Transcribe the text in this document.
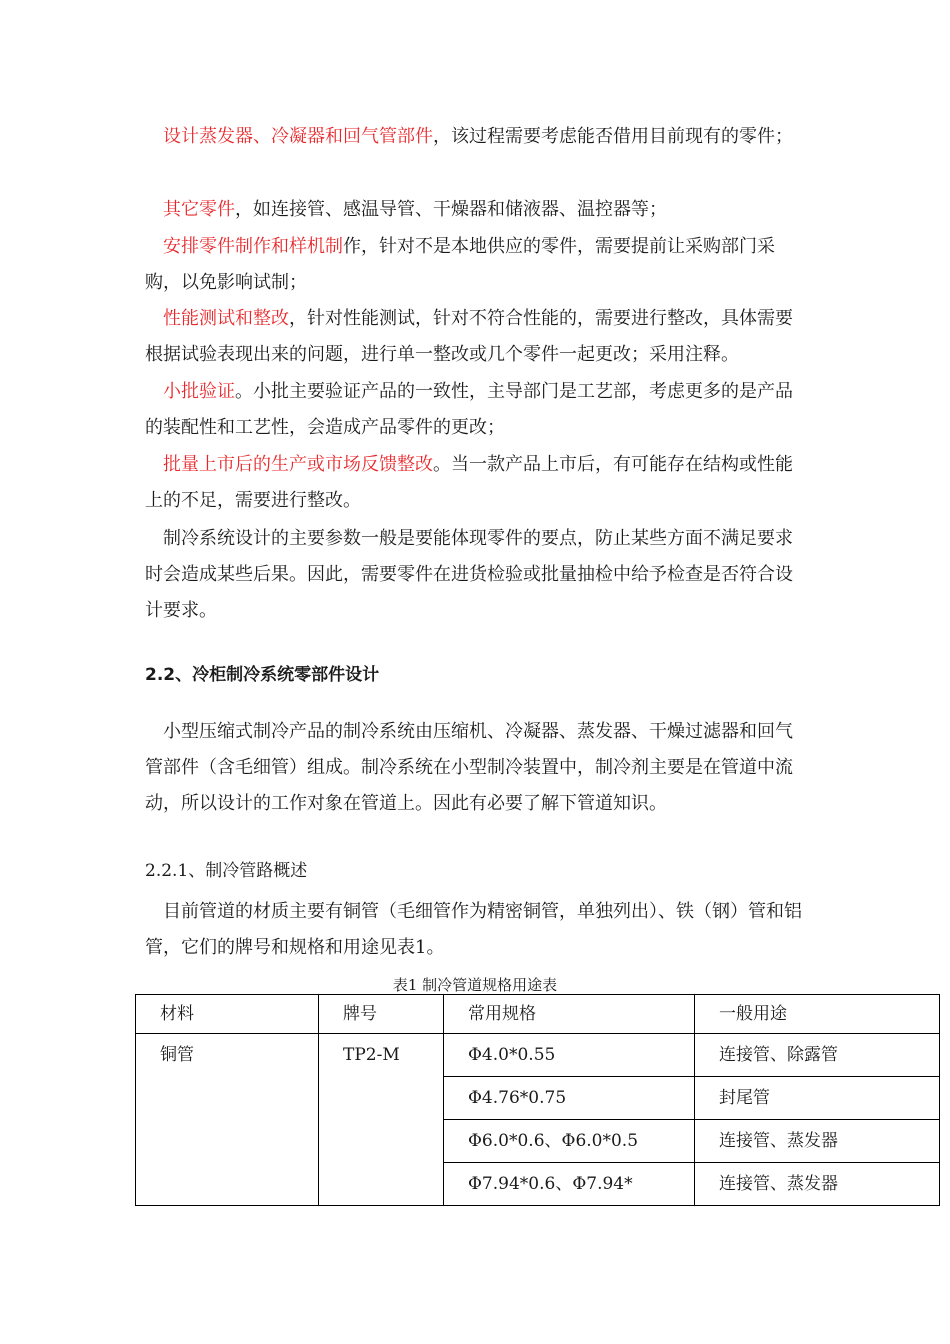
 设计蒸发器、冷凝器和回气管部件，该过程需要考虑能否借用目前现有的零件；

 其它零件，如连接管、感温导管、干燥器和储液器、温控器等；

 安排零件制作和样机制作，针对不是本地供应的零件，需要提前让采购部门采购，以免影响试制；

 性能测试和整改，针对性能测试，针对不符合性能的，需要进行整改，具体需要根据试验表现出来的问题，进行单一整改或几个零件一起更改；采用注释。

 小批验证。小批主要验证产品的一致性，主导部门是工艺部，考虑更多的是产品的装配性和工艺性，会造成产品零件的更改；

 批量上市后的生产或市场反馈整改。当一款产品上市后，有可能存在结构或性能上的不足，需要进行整改。

 制冷系统设计的主要参数一般是要能体现零件的要点，防止某些方面不满足要求时会造成某些后果。因此，需要零件在进货检验或批量抽检中给予检查是否符合设计要求。

2.2、冷柜制冷系统零部件设计

 小型压缩式制冷产品的制冷系统由压缩机、冷凝器、蒸发器、干燥过滤器和回气管部件（含毛细管）组成。制冷系统在小型制冷装置中，制冷剂主要是在管道中流动，所以设计的工作对象在管道上。因此有必要了解下管道知识。

2.2.1、制冷管路概述

 目前管道的材质主要有铜管（毛细管作为精密铜管，单独列出）、铁（钢）管和铝管，它们的牌号和规格和用途见表1。

表1 制冷管道规格用途表
材料	牌号	常用规格	一般用途
铜管	TP2-M	Φ4.0*0.55	连接管、除露管
		Φ4.76*0.75	封尾管
		Φ6.0*0.6、Φ6.0*0.5	连接管、蒸发器
		Φ7.94*0.6、Φ7.94*	连接管、蒸发器
